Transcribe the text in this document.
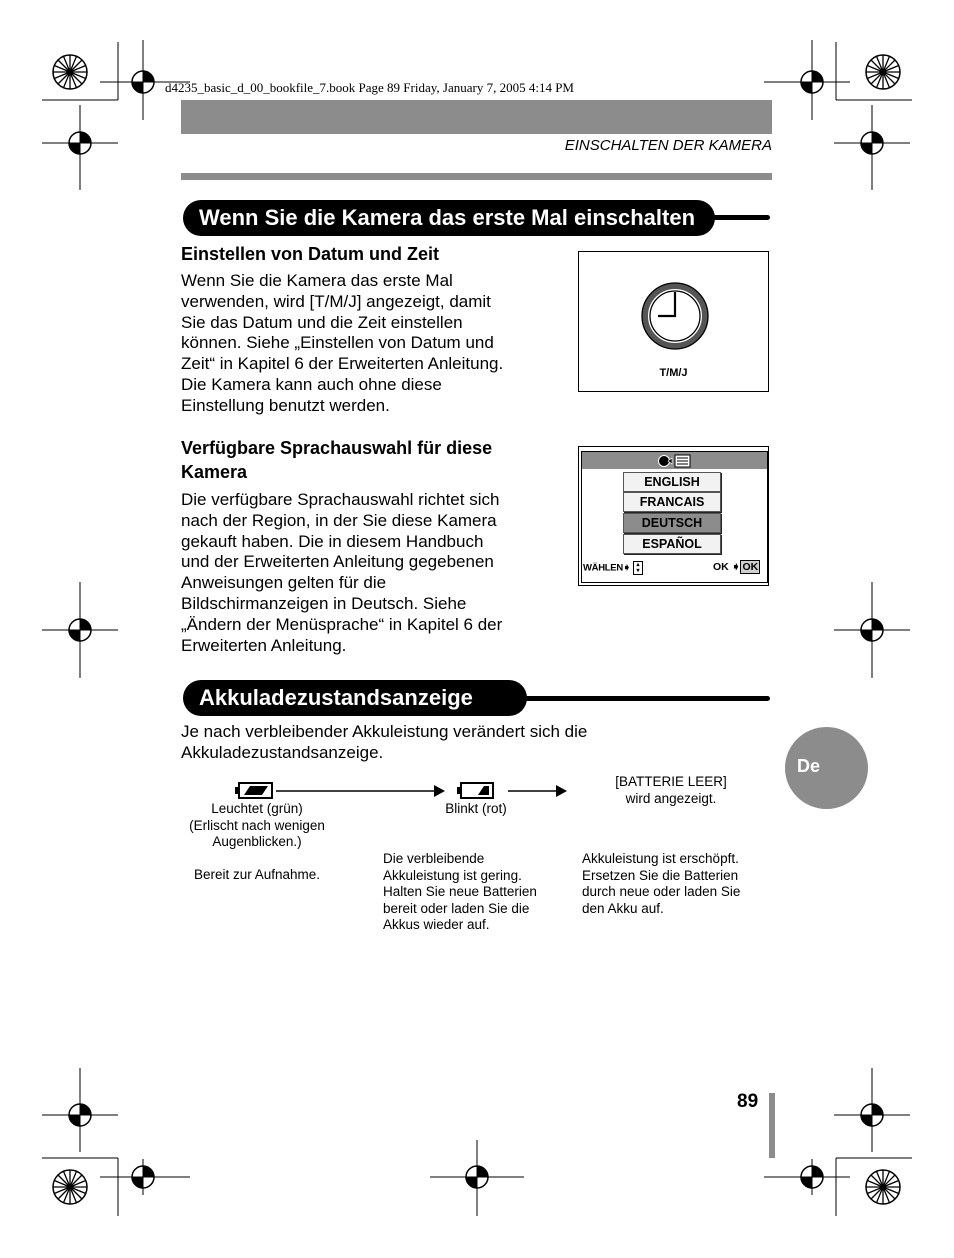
d4235_basic_d_00_bookfile_7.book Page 89 Friday, January 7, 2005 4:14 PM
EINSCHALTEN DER KAMERA
Wenn Sie die Kamera das erste Mal einschalten
Einstellen von Datum und Zeit
Wenn Sie die Kamera das erste Mal
verwenden, wird [T/M/J] angezeigt, damit
Sie das Datum und die Zeit einstellen
können. Siehe „Einstellen von Datum und
Zeit“ in Kapitel 6 der Erweiterten Anleitung.
Die Kamera kann auch ohne diese
Einstellung benutzt werden.
T/M/J
Verfügbare Sprachauswahl für diese
Kamera
Die verfügbare Sprachauswahl richtet sich
nach der Region, in der Sie diese Kamera
gekauft haben. Die in diesem Handbuch
und der Erweiterten Anleitung gegebenen
Anweisungen gelten für die
Bildschirmanzeigen in Deutsch. Siehe
„Ändern der Menüsprache“ in Kapitel 6 der
Erweiterten Anleitung.
ENGLISH
FRANCAIS
DEUTSCH
ESPAÑOL
WÄHLEN➧ ▴
▾	OK ➧ OK
Akkuladezustandsanzeige
Je nach verbleibender Akkuleistung verändert sich die
Akkuladezustandsanzeige.
Leuchtet (grün)
(Erlischt nach wenigen
Augenblicken.)
Bereit zur Aufnahme.
Blinkt (rot)
Die verbleibende
Akkuleistung ist gering.
Halten Sie neue Batterien
bereit oder laden Sie die
Akkus wieder auf.
[BATTERIE LEER]
wird angezeigt.
Akkuleistung ist erschöpft.
Ersetzen Sie die Batterien
durch neue oder laden Sie
den Akku auf.
De
89
